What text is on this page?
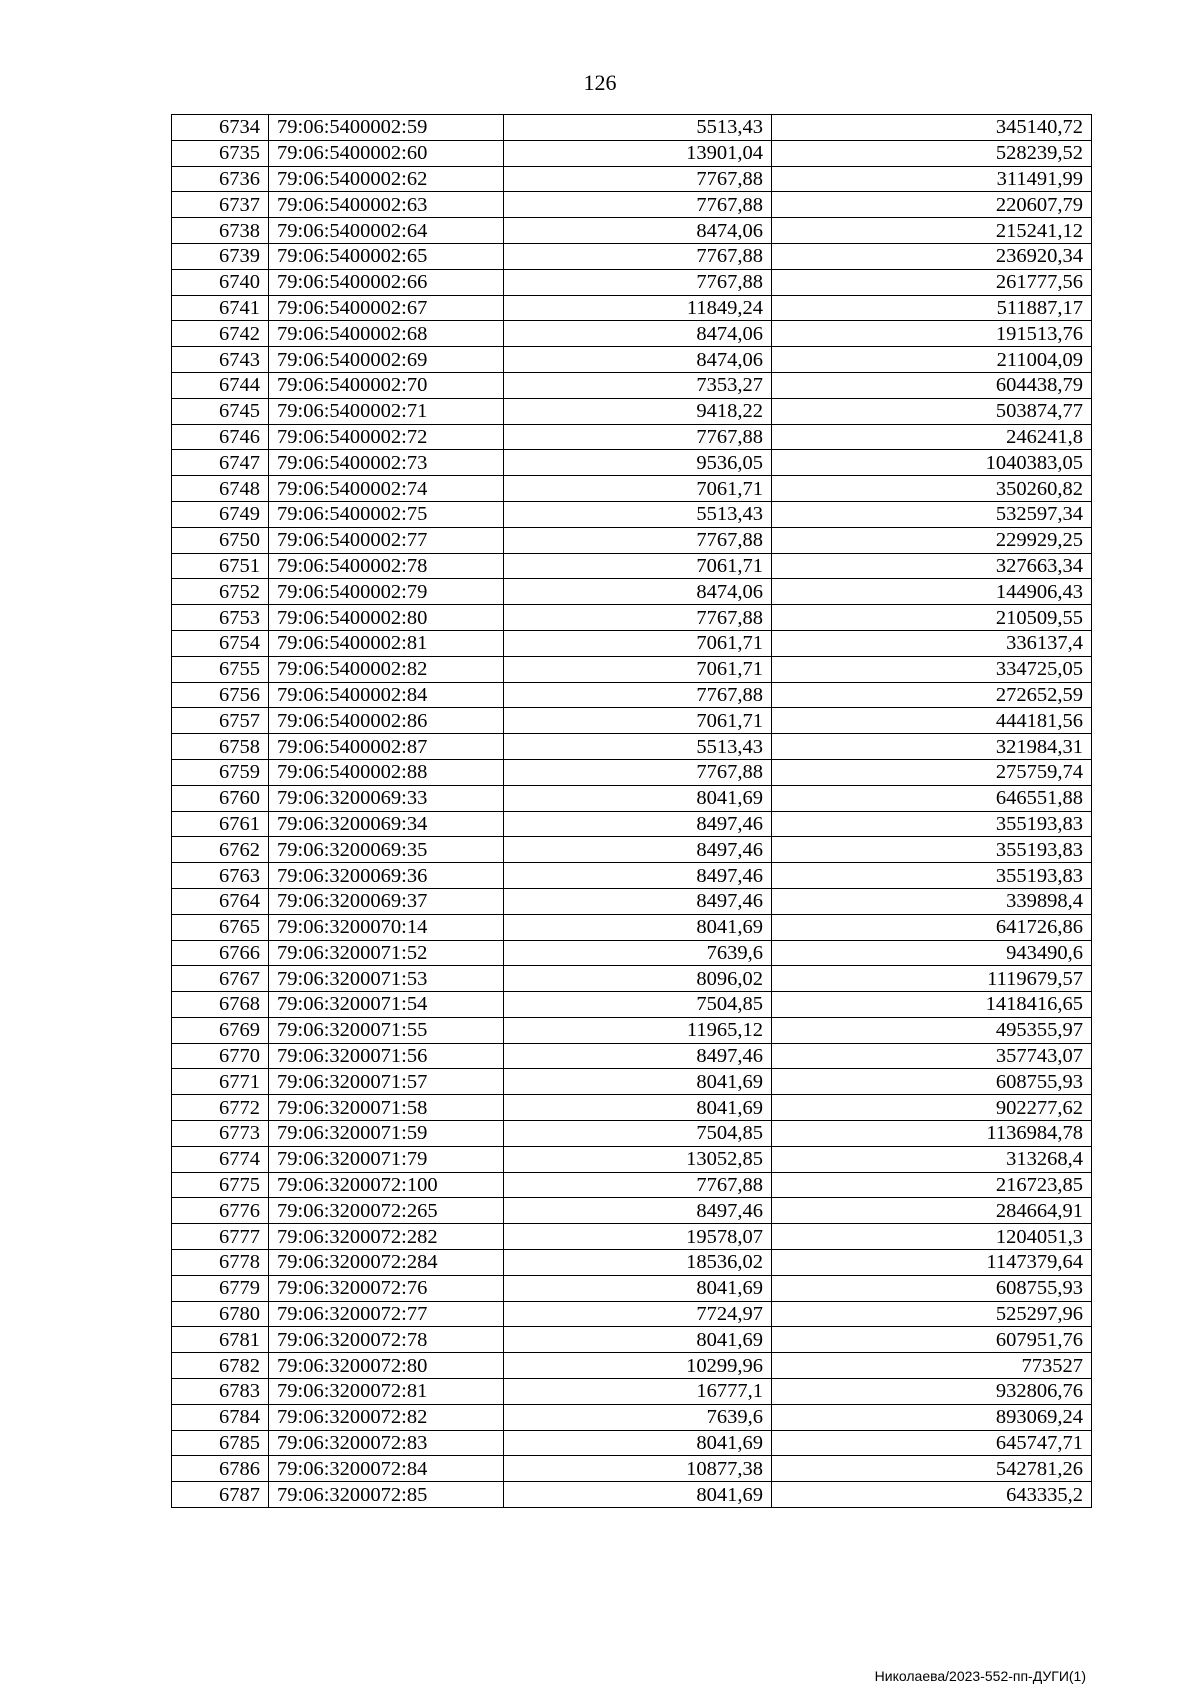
126
6734	79:06:5400002:59	5513,43	345140,72
6735	79:06:5400002:60	13901,04	528239,52
6736	79:06:5400002:62	7767,88	311491,99
6737	79:06:5400002:63	7767,88	220607,79
6738	79:06:5400002:64	8474,06	215241,12
6739	79:06:5400002:65	7767,88	236920,34
6740	79:06:5400002:66	7767,88	261777,56
6741	79:06:5400002:67	11849,24	511887,17
6742	79:06:5400002:68	8474,06	191513,76
6743	79:06:5400002:69	8474,06	211004,09
6744	79:06:5400002:70	7353,27	604438,79
6745	79:06:5400002:71	9418,22	503874,77
6746	79:06:5400002:72	7767,88	246241,8
6747	79:06:5400002:73	9536,05	1040383,05
6748	79:06:5400002:74	7061,71	350260,82
6749	79:06:5400002:75	5513,43	532597,34
6750	79:06:5400002:77	7767,88	229929,25
6751	79:06:5400002:78	7061,71	327663,34
6752	79:06:5400002:79	8474,06	144906,43
6753	79:06:5400002:80	7767,88	210509,55
6754	79:06:5400002:81	7061,71	336137,4
6755	79:06:5400002:82	7061,71	334725,05
6756	79:06:5400002:84	7767,88	272652,59
6757	79:06:5400002:86	7061,71	444181,56
6758	79:06:5400002:87	5513,43	321984,31
6759	79:06:5400002:88	7767,88	275759,74
6760	79:06:3200069:33	8041,69	646551,88
6761	79:06:3200069:34	8497,46	355193,83
6762	79:06:3200069:35	8497,46	355193,83
6763	79:06:3200069:36	8497,46	355193,83
6764	79:06:3200069:37	8497,46	339898,4
6765	79:06:3200070:14	8041,69	641726,86
6766	79:06:3200071:52	7639,6	943490,6
6767	79:06:3200071:53	8096,02	1119679,57
6768	79:06:3200071:54	7504,85	1418416,65
6769	79:06:3200071:55	11965,12	495355,97
6770	79:06:3200071:56	8497,46	357743,07
6771	79:06:3200071:57	8041,69	608755,93
6772	79:06:3200071:58	8041,69	902277,62
6773	79:06:3200071:59	7504,85	1136984,78
6774	79:06:3200071:79	13052,85	313268,4
6775	79:06:3200072:100	7767,88	216723,85
6776	79:06:3200072:265	8497,46	284664,91
6777	79:06:3200072:282	19578,07	1204051,3
6778	79:06:3200072:284	18536,02	1147379,64
6779	79:06:3200072:76	8041,69	608755,93
6780	79:06:3200072:77	7724,97	525297,96
6781	79:06:3200072:78	8041,69	607951,76
6782	79:06:3200072:80	10299,96	773527
6783	79:06:3200072:81	16777,1	932806,76
6784	79:06:3200072:82	7639,6	893069,24
6785	79:06:3200072:83	8041,69	645747,71
6786	79:06:3200072:84	10877,38	542781,26
6787	79:06:3200072:85	8041,69	643335,2
Николаева/2023-552-пп-ДУГИ(1)
